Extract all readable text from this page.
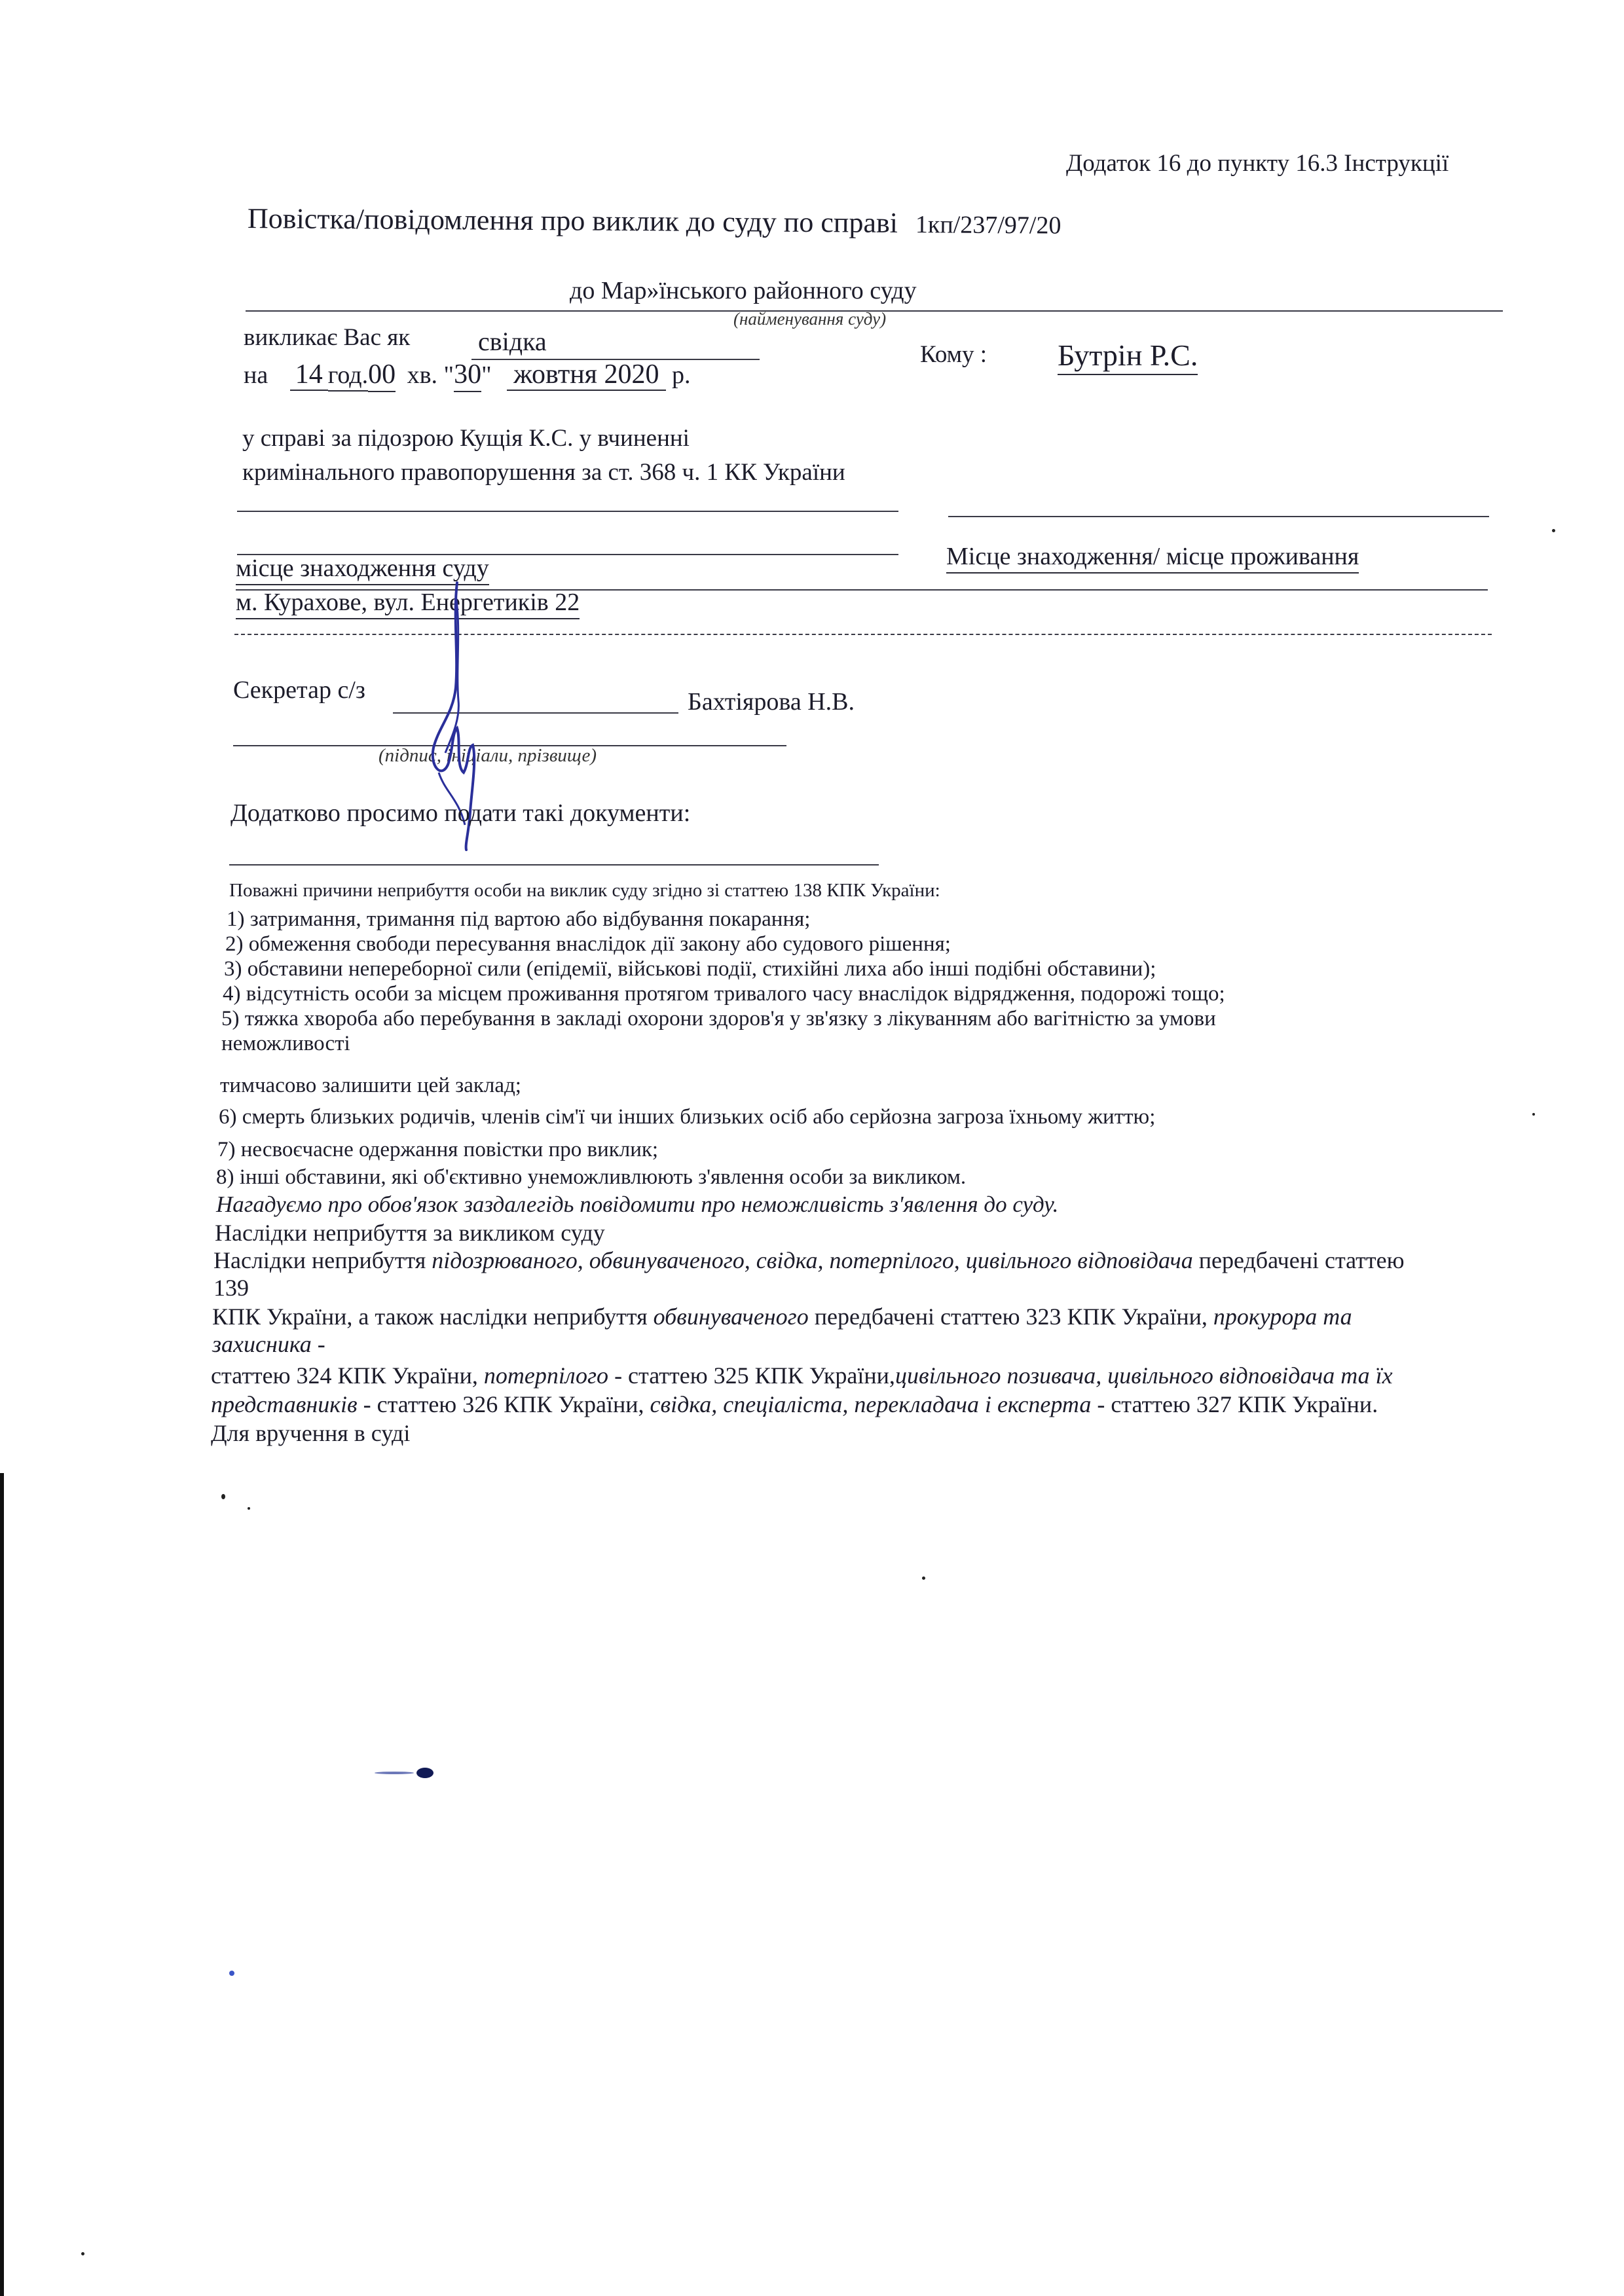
Додаток 16 до пункту 16.3 Інструкції
Повістка/повідомлення про виклик до суду по справі 1кп/237/97/20
до Мар»їнського районного суду
(найменування суду)
викликає Вас як	свідка	Кому : Бутрін Р.С.
на 14 год.00 хв. "30" жовтня 2020 р.
у справі за підозрою Кущія К.С. у вчиненні
кримінального правопорушення за ст. 368 ч. 1 КК України
Місце знаходження/ місце проживання
місце знаходження суду
м. Курахове, вул. Енергетиків 22
Секретар с/з	Бахтіярова Н.В.
(підпис, ініціали, прізвище)
Додатково просимо подати такі документи:
Поважні причини неприбуття особи на виклик суду згідно зі статтею 138 КПК України:
1) затримання, тримання під вартою або відбування покарання;
2) обмеження свободи пересування внаслідок дії закону або судового рішення;
3) обставини непереборної сили (епідемії, військові події, стихійні лиха або інші подібні обставини);
4) відсутність особи за місцем проживання протягом тривалого часу внаслідок відрядження, подорожі тощо;
5) тяжка хвороба або перебування в закладі охорони здоров'я у зв'язку з лікуванням або вагітністю за умови
неможливості
тимчасово залишити цей заклад;
6) смерть близьких родичів, членів сім'ї чи інших близьких осіб або серйозна загроза їхньому життю;
7) несвоєчасне одержання повістки про виклик;
8) інші обставини, які об'єктивно унеможливлюють з'явлення особи за викликом.
Нагадуємо про обов'язок заздалегідь повідомити про неможливість з'явлення до суду.
Наслідки неприбуття за викликом суду
Наслідки неприбуття підозрюваного, обвинуваченого, свідка, потерпілого, цивільного відповідача передбачені статтею
139
КПК України, а також наслідки неприбуття обвинуваченого передбачені статтею 323 КПК України, прокурора та
захисника -
статтею 324 КПК України, потерпілого - статтею 325 КПК України,цивільного позивача, цивільного відповідача та їх
представників - статтею 326 КПК України, свідка, спеціаліста, перекладача і експерта - статтею 327 КПК України.
Для вручення в суді
